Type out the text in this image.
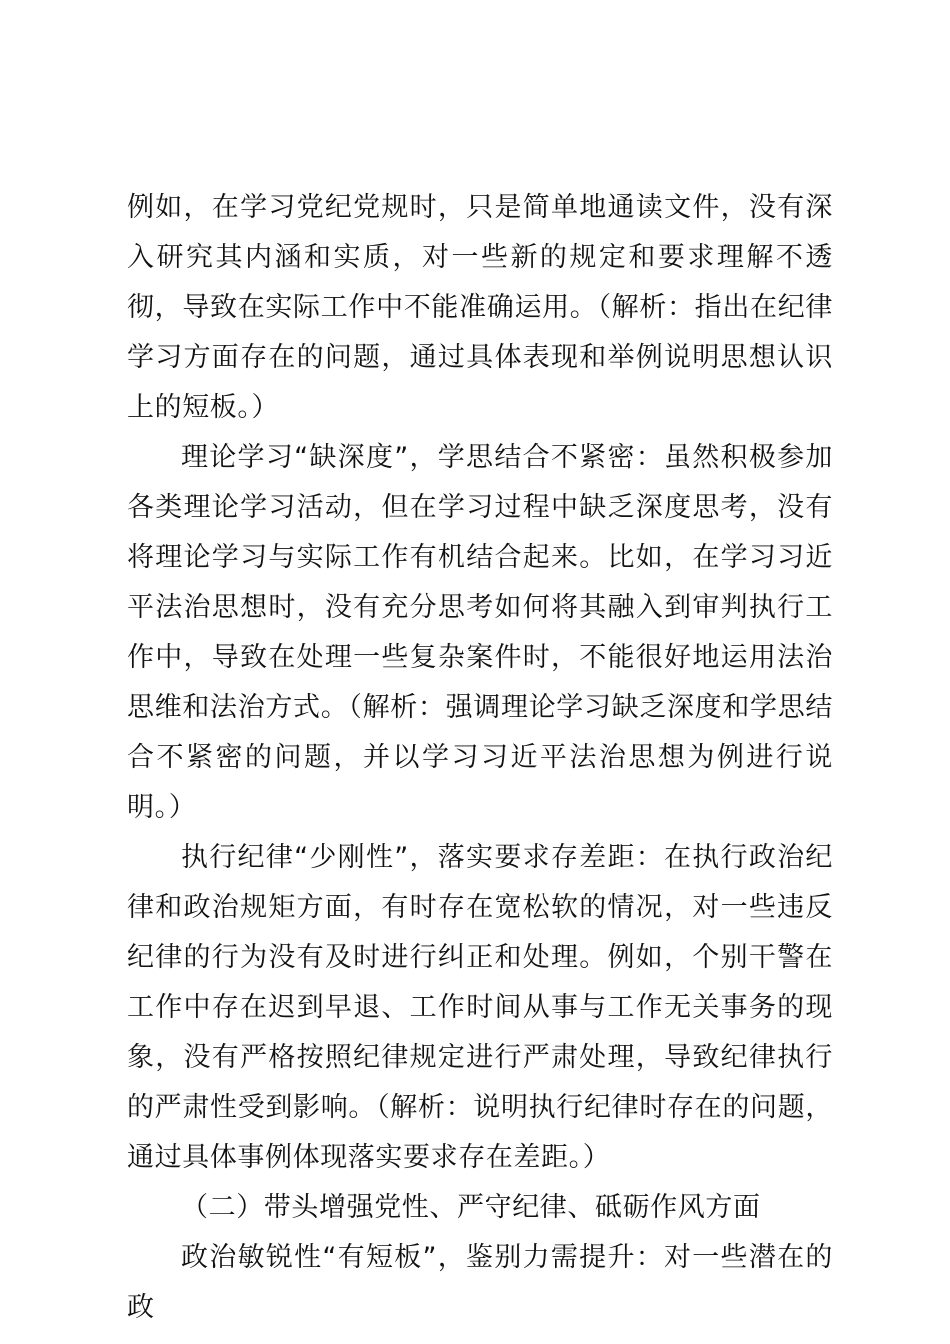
例如，在学习党纪党规时，只是简单地通读文件，没有深入研究其内涵和实质，对一些新的规定和要求理解不透彻，导致在实际工作中不能准确运用。（解析：指出在纪律学习方面存在的问题，通过具体表现和举例说明思想认识上的短板。）

理论学习“缺深度”，学思结合不紧密：虽然积极参加各类理论学习活动，但在学习过程中缺乏深度思考，没有将理论学习与实际工作有机结合起来。比如，在学习习近平法治思想时，没有充分思考如何将其融入到审判执行工作中，导致在处理一些复杂案件时，不能很好地运用法治思维和法治方式。（解析：强调理论学习缺乏深度和学思结合不紧密的问题，并以学习习近平法治思想为例进行说明。）

执行纪律“少刚性”，落实要求存差距：在执行政治纪律和政治规矩方面，有时存在宽松软的情况，对一些违反纪律的行为没有及时进行纠正和处理。例如，个别干警在工作中存在迟到早退、工作时间从事与工作无关事务的现象，没有严格按照纪律规定进行严肃处理，导致纪律执行的严肃性受到影响。（解析：说明执行纪律时存在的问题，通过具体事例体现落实要求存在差距。）

（二）带头增强党性、严守纪律、砥砺作风方面

政治敏锐性“有短板”，鉴别力需提升：对一些潜在的政
